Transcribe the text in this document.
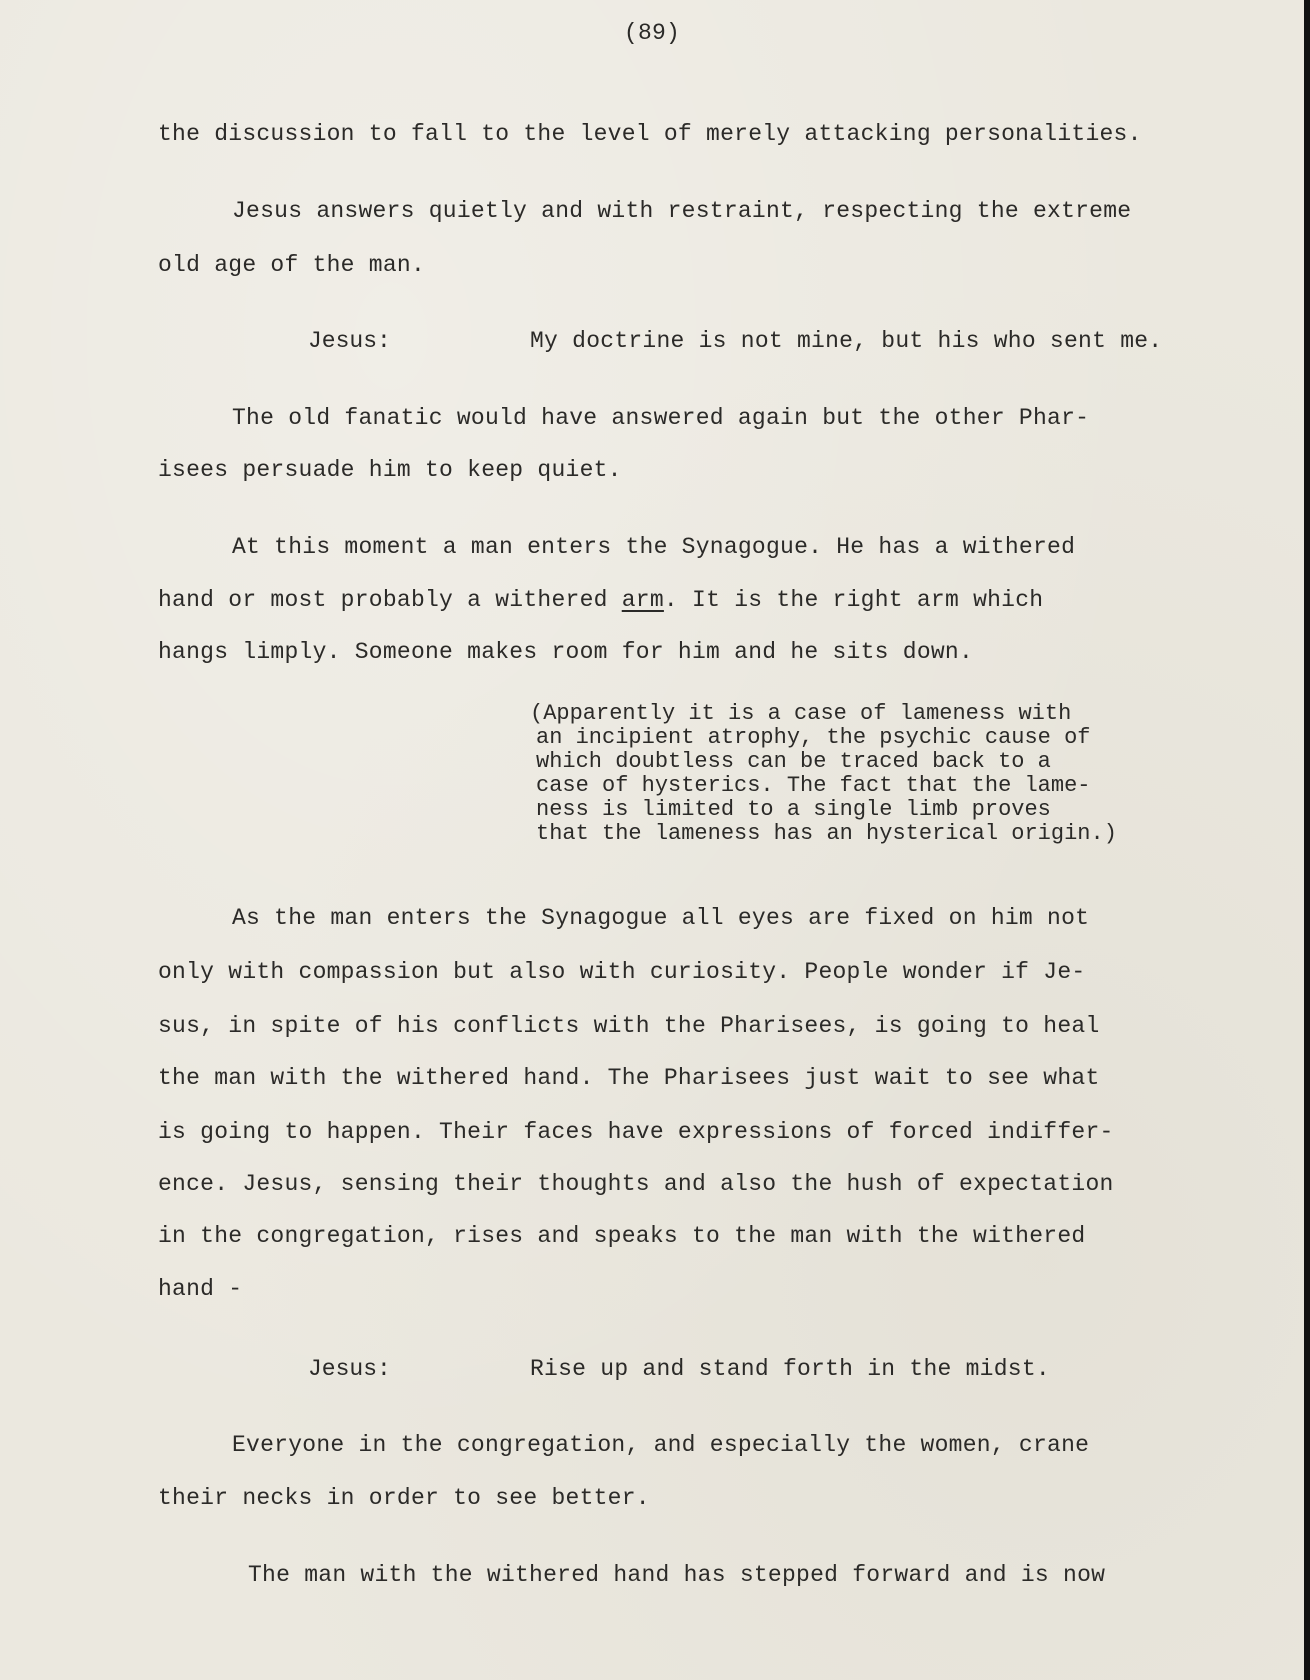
(89)
the discussion to fall to the level of merely attacking personalities.
Jesus answers quietly and with restraint, respecting the extreme
old age of the man.
Jesus:	My doctrine is not mine, but his who sent me.
The old fanatic would have answered again but the other Phar-
isees persuade him to keep quiet.
At this moment a man enters the Synagogue. He has a withered
hand or most probably a withered arm. It is the right arm which
hangs limply. Someone makes room for him and he sits down.
(Apparently it is a case of lameness with
an incipient atrophy, the psychic cause of
which doubtless can be traced back to a
case of hysterics. The fact that the lame-
ness is limited to a single limb proves
that the lameness has an hysterical origin.)
As the man enters the Synagogue all eyes are fixed on him not
only with compassion but also with curiosity. People wonder if Je-
sus, in spite of his conflicts with the Pharisees, is going to heal
the man with the withered hand. The Pharisees just wait to see what
is going to happen. Their faces have expressions of forced indiffer-
ence. Jesus, sensing their thoughts and also the hush of expectation
in the congregation, rises and speaks to the man with the withered
hand -
Jesus:	Rise up and stand forth in the midst.
Everyone in the congregation, and especially the women, crane
their necks in order to see better.
The man with the withered hand has stepped forward and is now
